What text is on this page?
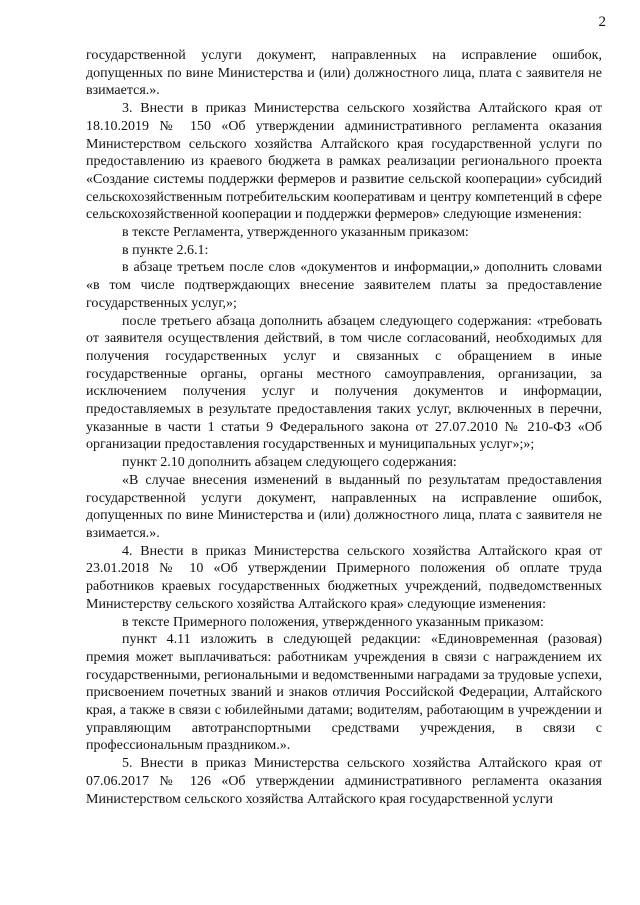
2

государственной услуги документ, направленных на исправление ошибок, допущенных по вине Министерства и (или) должностного лица, плата с заявителя не взимается.».

3. Внести в приказ Министерства сельского хозяйства Алтайского края от 18.10.2019 № 150 «Об утверждении административного регламента оказания Министерством сельского хозяйства Алтайского края государственной услуги по предоставлению из краевого бюджета в рамках реализации регионального проекта «Создание системы поддержки фермеров и развитие сельской кооперации» субсидий сельскохозяйственным потребительским кооперативам и центру компетенций в сфере сельскохозяйственной кооперации и поддержки фермеров» следующие изменения:

в тексте Регламента, утвержденного указанным приказом:

в пункте 2.6.1:

в абзаце третьем после слов «документов и информации,» дополнить словами «в том числе подтверждающих внесение заявителем платы за предоставление государственных услуг,»;

после третьего абзаца дополнить абзацем следующего содержания: «требовать от заявителя осуществления действий, в том числе согласований, необходимых для получения государственных услуг и связанных с обращением в иные государственные органы, органы местного самоуправления, организации, за исключением получения услуг и получения документов и информации, предоставляемых в результате предоставления таких услуг, включенных в перечни, указанные в части 1 статьи 9 Федерального закона от 27.07.2010 № 210-ФЗ «Об организации предоставления государственных и муниципальных услуг»;»;

пункт 2.10 дополнить абзацем следующего содержания:

«В случае внесения изменений в выданный по результатам предоставления государственной услуги документ, направленных на исправление ошибок, допущенных по вине Министерства и (или) должностного лица, плата с заявителя не взимается.».

4. Внести в приказ Министерства сельского хозяйства Алтайского края от 23.01.2018 № 10 «Об утверждении Примерного положения об оплате труда работников краевых государственных бюджетных учреждений, подведомственных Министерству сельского хозяйства Алтайского края» следующие изменения:

в тексте Примерного положения, утвержденного указанным приказом:

пункт 4.11 изложить в следующей редакции: «Единовременная (разовая) премия может выплачиваться: работникам учреждения в связи с награждением их государственными, региональными и ведомственными наградами за трудовые успехи, присвоением почетных званий и знаков отличия Российской Федерации, Алтайского края, а также в связи с юбилейными датами; водителям, работающим в учреждении и управляющим автотранспортными средствами учреждения, в связи с профессиональным праздником.».

5. Внести в приказ Министерства сельского хозяйства Алтайского края от 07.06.2017 № 126 «Об утверждении административного регламента оказания Министерством сельского хозяйства Алтайского края государственной услуги
